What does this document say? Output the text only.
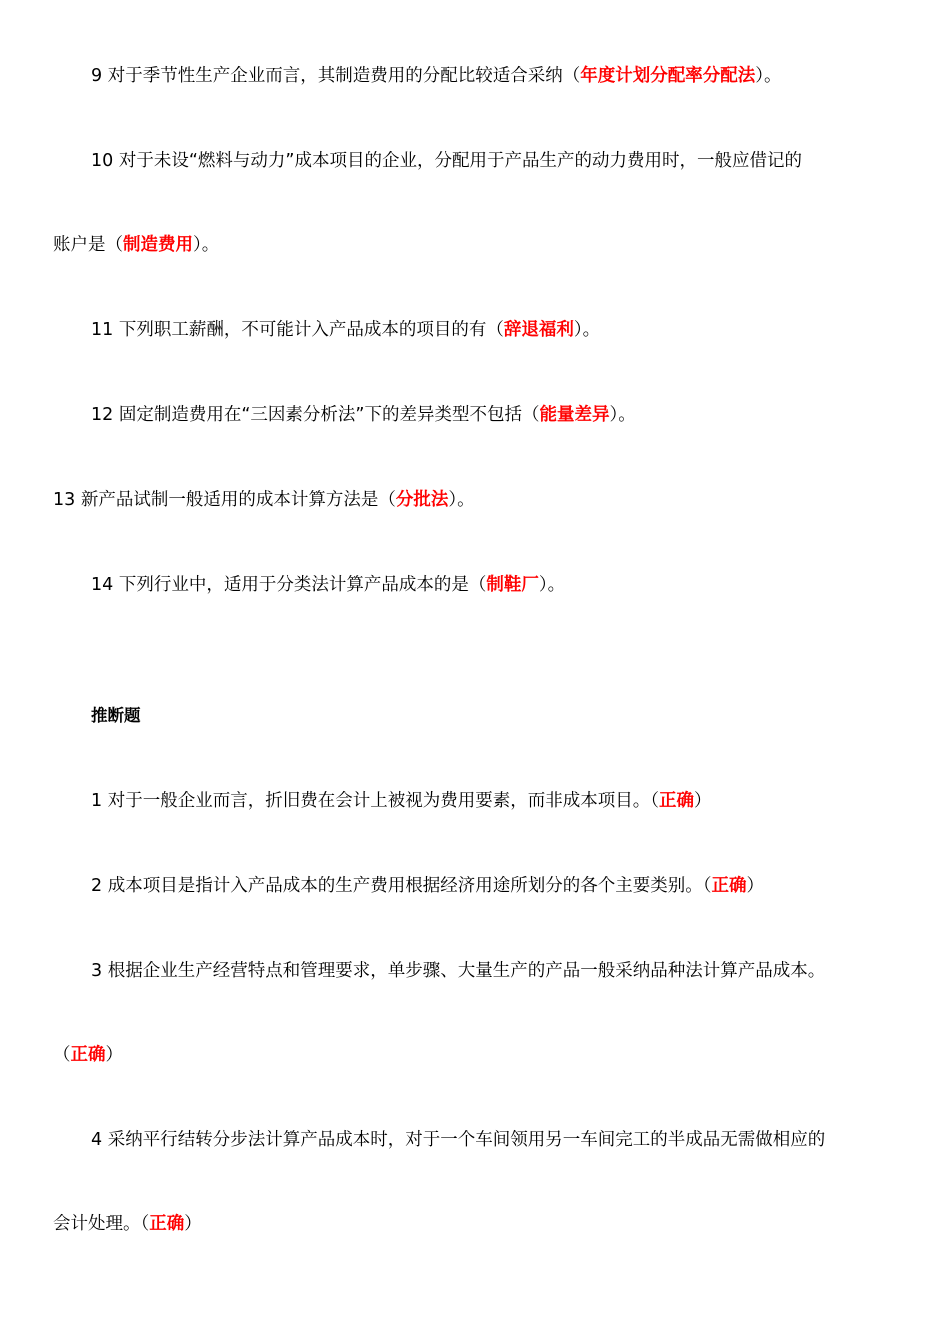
9 对于季节性生产企业而言，其制造费用的分配比较适合采纳（年度计划分配率分配法）。
10 对于未设“燃料与动力”成本项目的企业，分配用于产品生产的动力费用时，一般应借记的
账户是（制造费用）。
11 下列职工薪酬，不可能计入产品成本的项目的有（辞退福利）。
12 固定制造费用在“三因素分析法”下的差异类型不包括（能量差异）。
13 新产品试制一般适用的成本计算方法是（分批法）。
14 下列行业中，适用于分类法计算产品成本的是（制鞋厂）。
推断题
1 对于一般企业而言，折旧费在会计上被视为费用要素，而非成本项目。（正确）
2 成本项目是指计入产品成本的生产费用根据经济用途所划分的各个主要类别。（正确）
3 根据企业生产经营特点和管理要求，单步骤、大量生产的产品一般采纳品种法计算产品成本。
（正确）
4 采纳平行结转分步法计算产品成本时，对于一个车间领用另一车间完工的半成品无需做相应的
会计处理。（正确）
